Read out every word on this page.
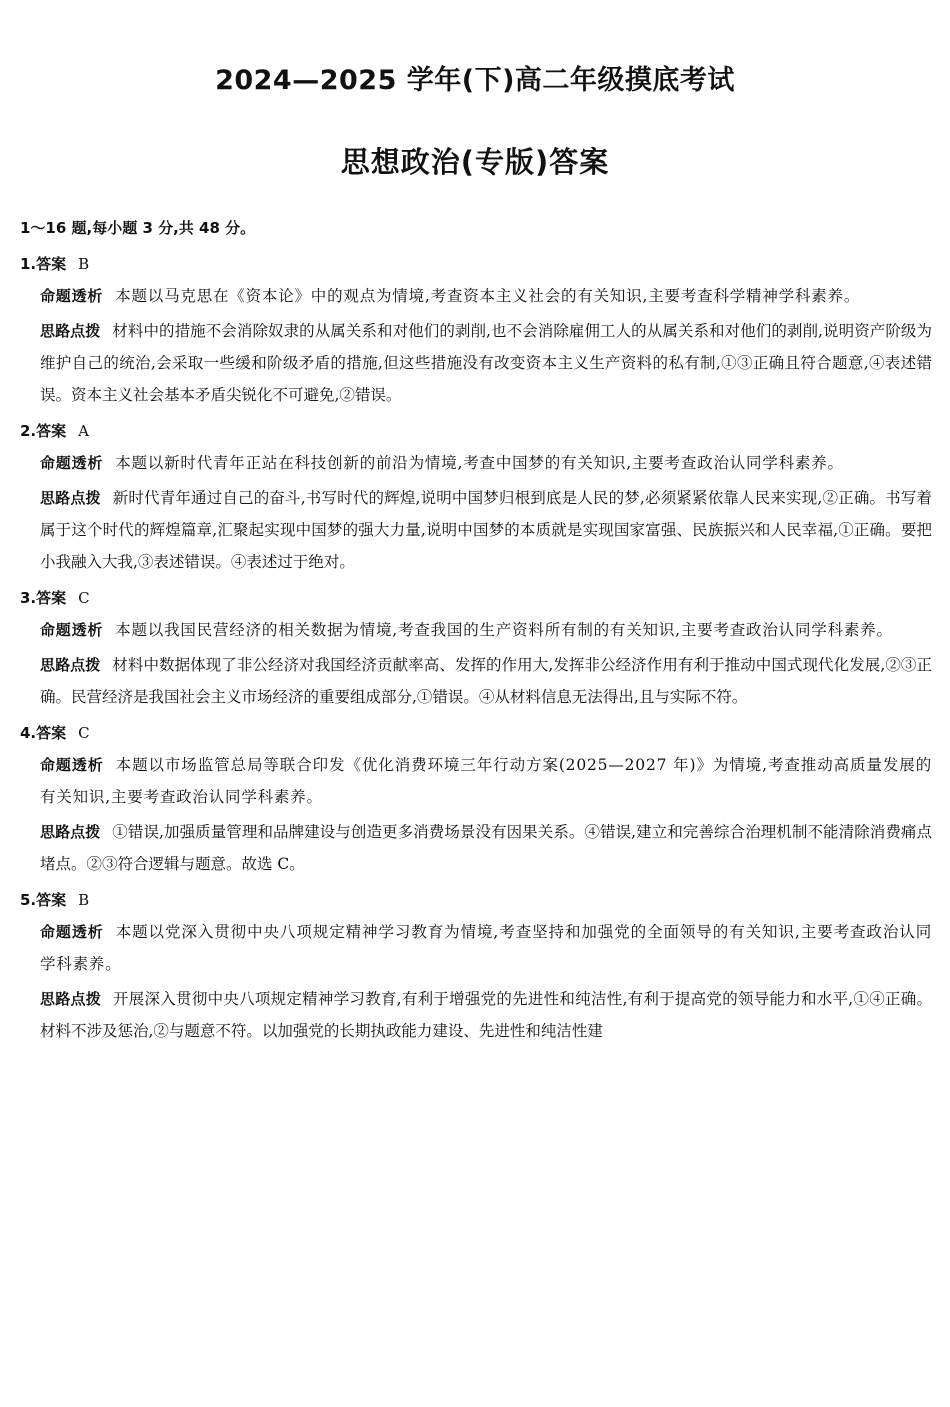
2024—2025 学年(下)高二年级摸底考试
思想政治(专版)答案
1～16 题,每小题 3 分,共 48 分。
1.答案 B
命题透析 本题以马克思在《资本论》中的观点为情境,考查资本主义社会的有关知识,主要考查科学精神学科素养。
思路点拨 材料中的措施不会消除奴隶的从属关系和对他们的剥削,也不会消除雇佣工人的从属关系和对他们的剥削,说明资产阶级为维护自己的统治,会采取一些缓和阶级矛盾的措施,但这些措施没有改变资本主义生产资料的私有制,①③正确且符合题意,④表述错误。资本主义社会基本矛盾尖锐化不可避免,②错误。
2.答案 A
命题透析 本题以新时代青年正站在科技创新的前沿为情境,考查中国梦的有关知识,主要考查政治认同学科素养。
思路点拨 新时代青年通过自己的奋斗,书写时代的辉煌,说明中国梦归根到底是人民的梦,必须紧紧依靠人民来实现,②正确。书写着属于这个时代的辉煌篇章,汇聚起实现中国梦的强大力量,说明中国梦的本质就是实现国家富强、民族振兴和人民幸福,①正确。要把小我融入大我,③表述错误。④表述过于绝对。
3.答案 C
命题透析 本题以我国民营经济的相关数据为情境,考查我国的生产资料所有制的有关知识,主要考查政治认同学科素养。
思路点拨 材料中数据体现了非公经济对我国经济贡献率高、发挥的作用大,发挥非公经济作用有利于推动中国式现代化发展,②③正确。民营经济是我国社会主义市场经济的重要组成部分,①错误。④从材料信息无法得出,且与实际不符。
4.答案 C
命题透析 本题以市场监管总局等联合印发《优化消费环境三年行动方案(2025—2027 年)》为情境,考查推动高质量发展的有关知识,主要考查政治认同学科素养。
思路点拨 ①错误,加强质量管理和品牌建设与创造更多消费场景没有因果关系。④错误,建立和完善综合治理机制不能清除消费痛点堵点。②③符合逻辑与题意。故选 C。
5.答案 B
命题透析 本题以党深入贯彻中央八项规定精神学习教育为情境,考查坚持和加强党的全面领导的有关知识,主要考查政治认同学科素养。
思路点拨 开展深入贯彻中央八项规定精神学习教育,有利于增强党的先进性和纯洁性,有利于提高党的领导能力和水平,①④正确。材料不涉及惩治,②与题意不符。以加强党的长期执政能力建设、先进性和纯洁性建
